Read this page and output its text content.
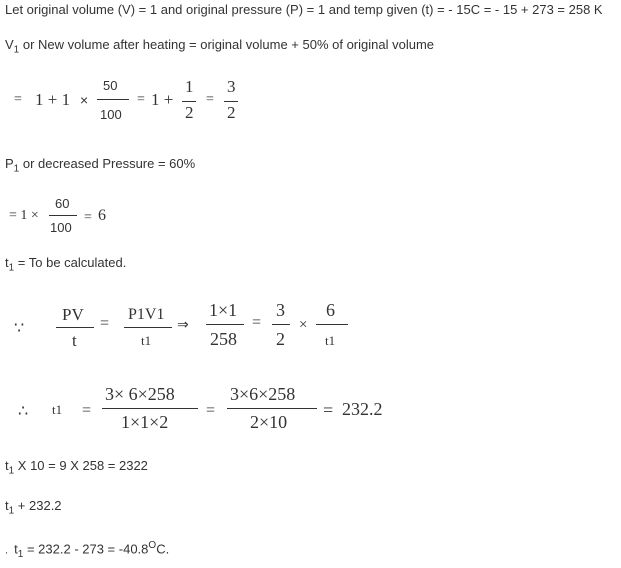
Let original volume (V) = 1 and original pressure (P) = 1 and temp given (t) = - 15C = - 15 + 273 = 258 K
$V_1$ or New volume after heating = original volume + 50% of original volume
= 1 + 1 ×
50
100
= 1 +
1
2
=
3
2
$P_1$ or decreased Pressure = 60%
= 1 ×
60
100
= 6
$t_1 = To$ be calculated.
∵
PV
t
=
P1V1
t1
⇒
1×1
258
=
3
2
×
6
t1
∴ t1 =
3× 6×258
1×1×2
=
3×6×258
2×10
= 232.2
$t_1$ X 10 = 9 X 258 = 2322
$t_1 + 232.2$
.  $t_1 = 232.2 - 273 = -40.8^OC$.
